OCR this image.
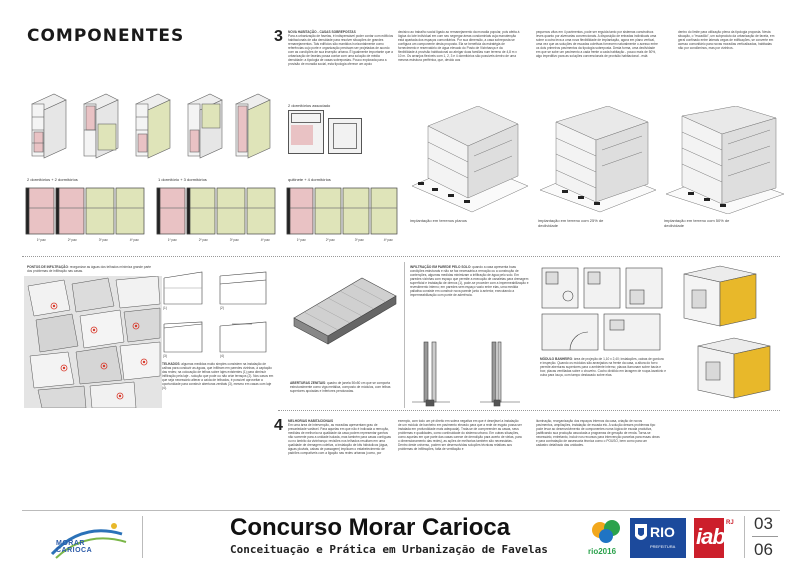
COMPONENTES	3 NOVA HABITAÇÃO - CASAS SOBREPOSTAS
Para a urbanização de favelas, é indispensável poder contar com edifícios habitacionais de alta densidade para resolver situações de grandes remanejamentos. Tais edifícios são mantidos horizontalmente como referências cujo porte e organização precisam ser projetadas de acordo com as condições de sua inserção urbana. É igualmente importante que a urbanização de favelas possa contar com uma solução de média densidade: a tipologia de casas sobrepostas. Pouco explorada para a provisão de moradia social, esta tipologia oferece um apoio
decisivo ao trabalho social ligado ao remanejamento da moradia popular, pois afeita à lógica do lote individual em com seu segregar áreas condominiais cuja manutenção está apartada dos espaços comunitários. Por sua dimensão, a casa sobreposta se configura um componente desta proposta. Ela se beneficia da estratégia de fornecimento e reservatório de água elevado do Posto de Vizinhança e da flexibilidade à provisão habitacional ao abrigar duas famílias num terreno de 4,8 m x 10 m. Os arranjos flexíveis com 1, 2, 3 e 4 dormitórios são possíveis dentro de uma mesma estrutura periférica, que, devido aos
pequenos vãos em 4 pavimentos, pode ser erguida tanto por sistemas construtivos leves quanto por alvenarias convencionais. A disposição de entradas individuais uma sobre a outra leva a uma nova flexibilidade de implantação, agora em plano vertical, uma vez que as soluções de escadas coletivas fornecem naturalmente o acesso entre os dois primeiros pavimentos da tipologia sobreposta. Desta forma, uma declividade em que se sobe um pavimento a cada frente a cada habitação - pouco mais de 50%, algo impeditivo para as soluções convencionais de provisão habitacional - está
dentro do limite para utilização plena da tipologia proposta. Nesta situação, o "escadão", um subproduto da urbanização de favela, em geral confinado entre laterais cegas de edificações, se converte em acesso comunitário para novas moradias verticalizadas, habitadas não por condôminos, mas por vizinhos.
2 dormitórios associado
2 dormitórios + 2 dormitórios	1 dormitório + 3 dormitórios	quitinete + 4 dormitórios
1º pav.	2º pav.	3º pav.	4º pav.	1º pav.	2º pav.	3º pav.	4º pav.	1º pav.	2º pav.	3º pav.	4º pav.
implantação em terrenos planos	implantação em terreno com 25% de declividade
implantação em terreno com 50% de declividade
PONTOS DE INFILTRAÇÃO: reorganizar as águas dos telhados minimiza grande parte dos problemas de infiltração nas casas.
(1)	(2)
(3)	(4)
TELHADOS: algumas medidas muito simples consistem na instalação de calhas para conduzir as águas, que infiltram em paredes vizinhas, à captação das redes; na colocação de telhas sobre lajes existentes (1) para diminuir infiltração pela laje - solução que pode ou não criar terraços (2). Nos casos em que seja necessário alterar a caída de telhados, é possível aproveitar a oportunidade para construir aberturas zenitais (3), mesmo em casas com laje (4).
ABERTURAS ZENITAIS: quadro de janela 50x50 cm que se comporta estruturalmente como viga metálica, composto de módulos, com telhas superiores apoiadas e inferiores penduradas.
INFILTRAÇÃO EM PAREDE PELO SOLO: quando a casa apresenta boas condições estruturais e não se faz necessária a remoção ou a construção de contenções, algumas medidas minimizam a infiltração de água pelo solo. Em paredes vizinhas com espaço que permite a execução de canaletas para drenagem superficial e instalação de drenos (1), pode-se proceder com a impermeabilização e revestimento interno; em paredes sem espaço vazio entre elas, uma medida paliativa consiste em construir nova parede junto à anterior, executando a impermeabilização com ponte de aderência.
MÓDULO BANHEIRO: área de projeção de 1,10 x 2,40; instalações, caixas de gordura e inspeção. Quando os módulos são arranjados na frente da casa, a altura do forro permite aberturas superiores para o ambiente interno; placas ilumunam sobre bacia e box; placas ventiladas sobre o chuveiro. Cocho dividido em lavagem de roupa-lavatório e cuba para louça, com tampo destacado sobre elas.
4 MELHORIAS HABITACIONAIS
Em uma área de intervenção, as moradias apresentam grau de precariedade variável. Para aquelas em que não é indicada a remoção, medidas de melhoria na qualidade da casa podem representar ganhos não somente para a unidade isolada, mas também para casas contíguas ou no âmbito da vizinhança: revisões nos telhados resultam em uma qualidade de drenagem coletiva, a instalação de kits hidráulicos (água, águas pluviais, caixas de passagem) implicam o estabelecimento de padrões compatíveis com a ligação nas redes urbanas (como, por
exemplo, com todo um pé direito em solera negativa em que é desejável a instalação de um módulo de banheiro em pavimento elevado para que a rede de esgoto possa ser instalada em profundidade mais adequada). Trata-se de compreender as casas, seus problemas e qualidades, como continuidade do sistema urbano. Em outras situações, como aquelas em que parte das casas carece de demolição para acerto de vielas, para o dimensionamento das redes), as ações de melhorias também são necessárias. Dentro deste universo, podem ser desenvolvidas soluções técnicas relativas aos problemas de infiltrações, falta de ventilação e
iluminação, reorganização dos espaços internos da casa, criação de novos pavimentos, ampliações, instalação de escada etc. A solução desses problemas tipo pode levar ao desenvolvimento de componentes numa lógica de escala produtiva, justificando sua produção associada a programas de geração de renda. Torna-se necessário, entretanto, incluir nos recursos para intervenção parcelas para essas obras e para contratação de assessoria técnica como o POUSO, bem como para um cadastro detalhado das unidades.
MORAR CARIOCA
Concurso Morar Carioca
Conceituação e Prática em Urbanização de Favelas	rio2016
RIO
PREFEITURA iab
RJ 03
06
